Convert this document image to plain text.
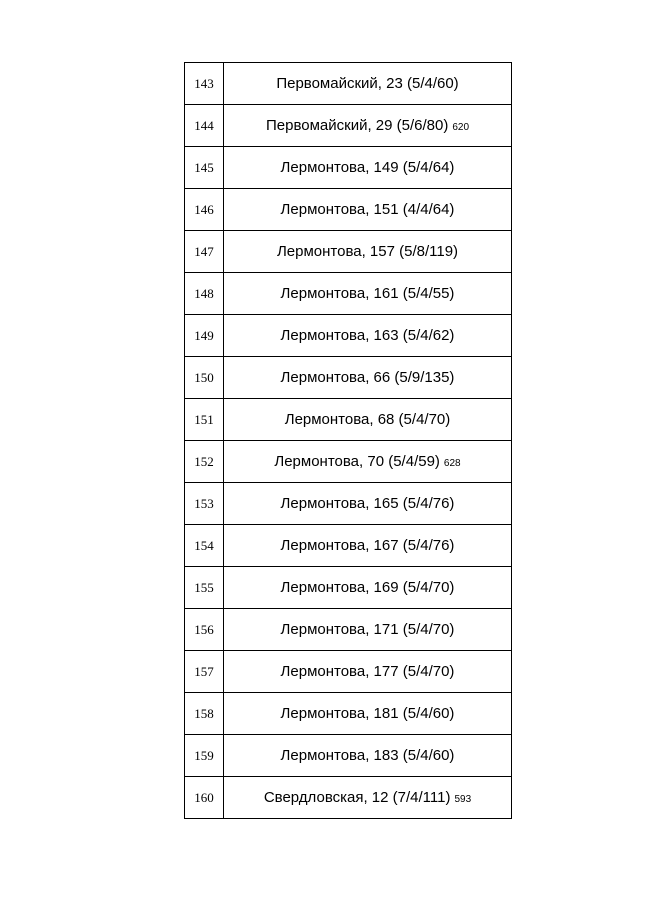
143	Первомайский, 23 (5/4/60)
144	Первомайский, 29 (5/6/80) 620
145	Лермонтова, 149 (5/4/64)
146	Лермонтова, 151 (4/4/64)
147	Лермонтова, 157 (5/8/119)
148	Лермонтова, 161 (5/4/55)
149	Лермонтова, 163 (5/4/62)
150	Лермонтова, 66 (5/9/135)
151	Лермонтова, 68 (5/4/70)
152	Лермонтова, 70 (5/4/59) 628
153	Лермонтова, 165 (5/4/76)
154	Лермонтова, 167 (5/4/76)
155	Лермонтова, 169 (5/4/70)
156	Лермонтова, 171 (5/4/70)
157	Лермонтова, 177 (5/4/70)
158	Лермонтова, 181 (5/4/60)
159	Лермонтова, 183 (5/4/60)
160	Свердловская, 12 (7/4/111) 593
